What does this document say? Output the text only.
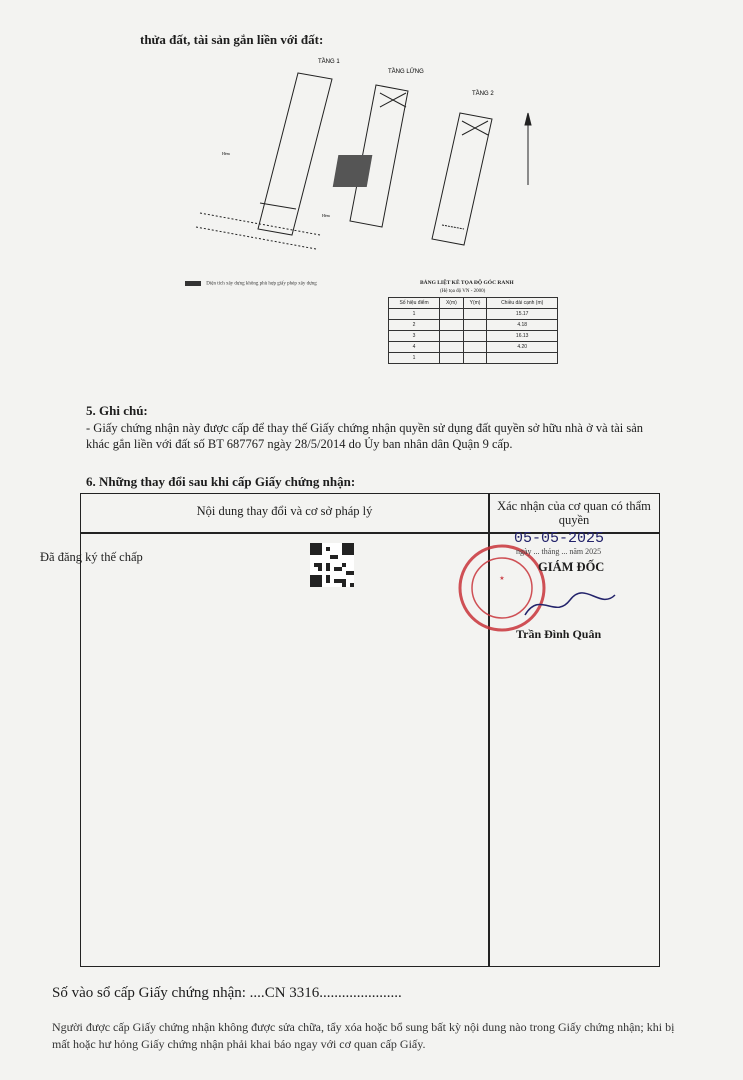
thửa đất, tài sản gắn liền với đất:
TẦNG 1
TẦNG LỬNG
TẦNG 2
Hẻm
Hẻm
Diện tích xây dựng không phù hợp giấy phép xây dựng	BẢNG LIỆT KÊ TỌA ĐỘ GÓC RANH
(Hệ tọa độ VN - 2000)
Số hiệu điểm	X(m)	Y(m)	Chiều dài cạnh (m)
1			15.17
2			4.18
3			16.13
4			4.20
1			
5. Ghi chú:
- Giấy chứng nhận này được cấp để thay thế Giấy chứng nhận quyền sử dụng đất quyền sở hữu nhà ở và tài sản khác gắn liền với đất số BT 687767 ngày 28/5/2014 do Ủy ban nhân dân Quận 9 cấp.
6. Những thay đổi sau khi cấp Giấy chứng nhận:
Nội dung thay đổi và cơ sở pháp lý	Xác nhận của cơ quan có thẩm quyền
Đã đăng ký thế chấp
★
05-05-2025
ngày ... tháng ... năm 2025
GIÁM ĐỐC
Trần Đình Quân
Số vào sổ cấp Giấy chứng nhận: ....CN 3316......................
Người được cấp Giấy chứng nhận không được sửa chữa, tẩy xóa hoặc bổ sung bất kỳ nội dung nào trong Giấy chứng nhận; khi bị mất hoặc hư hỏng Giấy chứng nhận phải khai báo ngay với cơ quan cấp Giấy.
